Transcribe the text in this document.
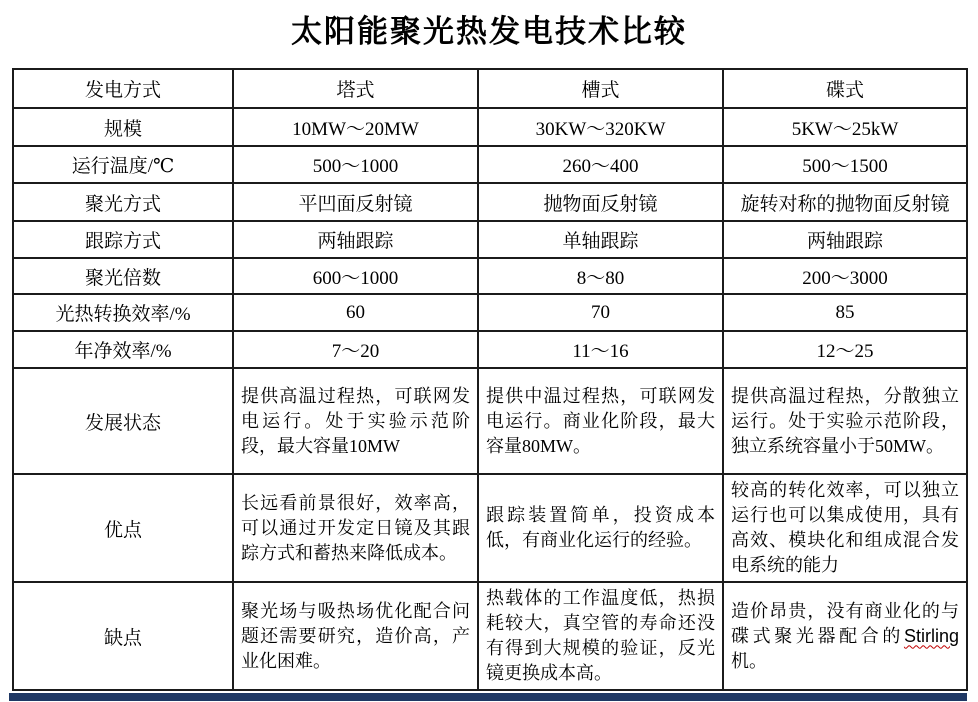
太阳能聚光热发电技术比较
发电方式	塔式	槽式	碟式
规模	10MW～20MW	30KW～320KW	5KW～25kW
运行温度/℃	500～1000	260～400	500～1500
聚光方式	平凹面反射镜	抛物面反射镜	旋转对称的抛物面反射镜
跟踪方式	两轴跟踪	单轴跟踪	两轴跟踪
聚光倍数	600～1000	8～80	200～3000
光热转换效率/%	60	70	85
年净效率/%	7～20	11～16	12～25
发展状态	提供高温过程热，可联网发电运行。处于实验示范阶段，最大容量10MW	提供中温过程热，可联网发电运行。商业化阶段，最大容量80MW。	提供高温过程热，分散独立运行。处于实验示范阶段，独立系统容量小于50MW。
优点	长远看前景很好，效率高，可以通过开发定日镜及其跟踪方式和蓄热来降低成本。	跟踪装置简单，投资成本低，有商业化运行的经验。	较高的转化效率，可以独立运行也可以集成使用，具有高效、模块化和组成混合发电系统的能力
缺点	聚光场与吸热场优化配合问题还需要研究，造价高，产业化困难。	热载体的工作温度低，热损耗较大，真空管的寿命还没有得到大规模的验证，反光镜更换成本高。	造价昂贵，没有商业化的与碟式聚光器配合的Stirling机。
